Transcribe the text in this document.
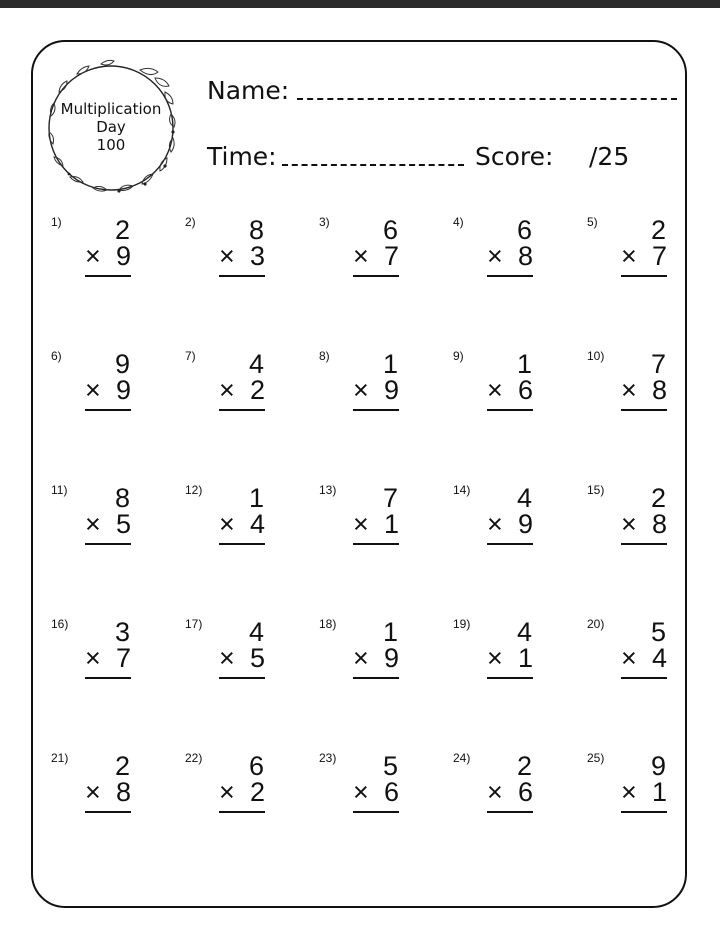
Multiplication
Day
100
Name:
Time:	Score: /25
1) 2
× 9
2) 8
× 3
3) 6
× 7
4) 6
× 8
5) 2
× 7
6) 9
× 9
7) 4
× 2
8) 1
× 9
9) 1
× 6
10) 7
× 8
11) 8
× 5
12) 1
× 4
13) 7
× 1
14) 4
× 9
15) 2
× 8
16) 3
× 7
17) 4
× 5
18) 1
× 9
19) 4
× 1
20) 5
× 4
21) 2
× 8
22) 6
× 2
23) 5
× 6
24) 2
× 6
25) 9
× 1
